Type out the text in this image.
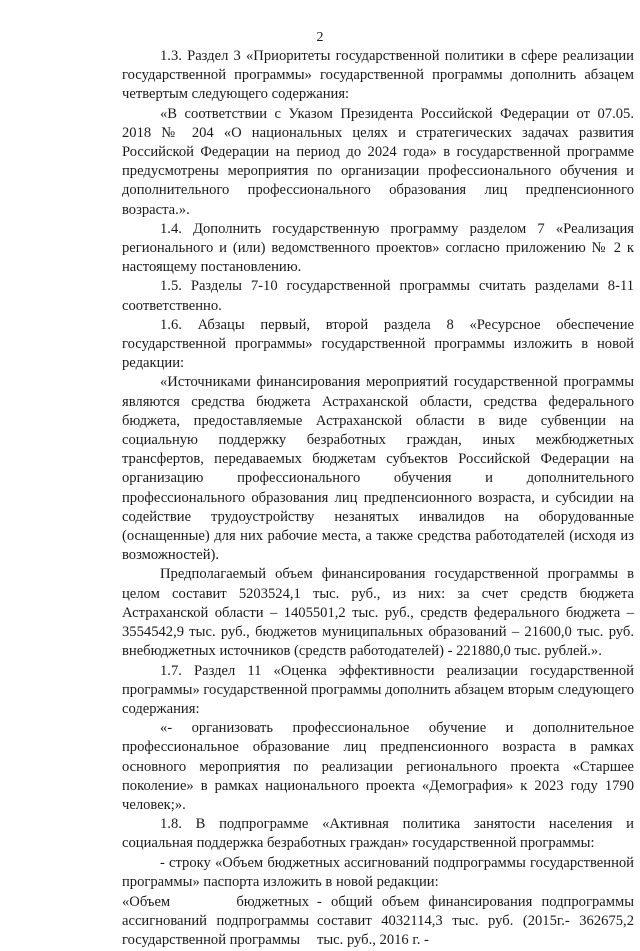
2

1.3. Раздел 3 «Приоритеты государственной политики в сфере реализации государственной программы» государственной программы дополнить абзацем четвертым следующего содержания:

«В соответствии с Указом Президента Российской Федерации от 07.05. 2018 № 204 «О национальных целях и стратегических задачах развития Российской Федерации на период до 2024 года» в государственной программе предусмотрены мероприятия по организации профессионального обучения и дополнительного профессионального образования лиц предпенсионного возраста.».

1.4. Дополнить государственную программу разделом 7 «Реализация регионального и (или) ведомственного проектов» согласно приложению № 2 к настоящему постановлению.

1.5. Разделы 7-10 государственной программы считать разделами 8-11 соответственно.

1.6. Абзацы первый, второй раздела 8 «Ресурсное обеспечение государственной программы» государственной программы изложить в новой редакции:

«Источниками финансирования мероприятий государственной программы являются средства бюджета Астраханской области, средства федерального бюджета, предоставляемые Астраханской области в виде субвенции на социальную поддержку безработных граждан, иных межбюджетных трансфертов, передаваемых бюджетам субъектов Российской Федерации на организацию профессионального обучения и дополнительного профессионального образования лиц предпенсионного возраста, и субсидии на содействие трудоустройству незанятых инвалидов на оборудованные (оснащенные) для них рабочие места, а также средства работодателей (исходя из возможностей).

Предполагаемый объем финансирования государственной программы в целом составит 5203524,1 тыс. руб., из них: за счет средств бюджета Астраханской области – 1405501,2 тыс. руб., средств федерального бюджета – 3554542,9 тыс. руб., бюджетов муниципальных образований – 21600,0 тыс. руб. внебюджетных источников (средств работодателей) - 221880,0 тыс. рублей.».

1.7. Раздел 11 «Оценка эффективности реализации государственной программы» государственной программы дополнить абзацем вторым следующего содержания:

«- организовать профессиональное обучение и дополнительное профессиональное образование лиц предпенсионного возраста в рамках основного мероприятия по реализации регионального проекта «Старшее поколение» в рамках национального проекта «Демография» к 2023 году 1790 человек;».

1.8. В подпрограмме «Активная политика занятости населения и социальная поддержка безработных граждан» государственной программы:

- строку «Объем бюджетных ассигнований подпрограммы государственной программы» паспорта изложить в новой редакции:

«Объем бюджетных ассигнований подпрограммы государственной программы
- общий объем финансирования подпрограммы составит 4032114,3 тыс. руб. (2015г.- 362675,2 тыс. руб., 2016 г. -
